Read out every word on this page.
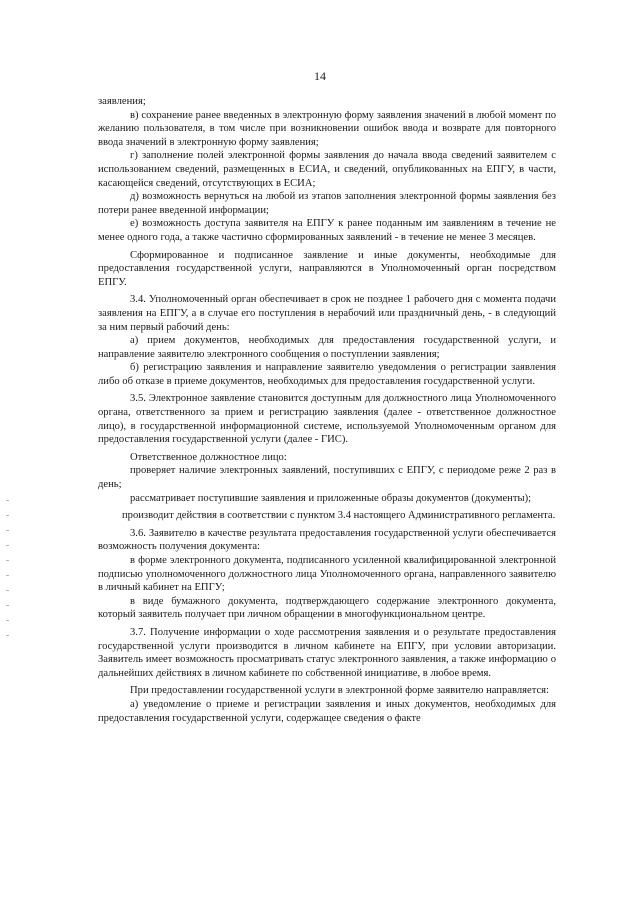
14

заявления;

в) сохранение ранее введенных в электронную форму заявления значений в любой момент по желанию пользователя, в том числе при возникновении ошибок ввода и возврате для повторного ввода значений в электронную форму заявления;

г) заполнение полей электронной формы заявления до начала ввода сведений заявителем с использованием сведений, размещенных в ЕСИА, и сведений, опубликованных на ЕПГУ, в части, касающейся сведений, отсутствующих в ЕСИА;

д) возможность вернуться на любой из этапов заполнения электронной формы заявления без потери ранее введенной информации;

е) возможность доступа заявителя на ЕПГУ к ранее поданным им заявлениям в течение не менее одного года, а также частично сформированных заявлений - в течение не менее 3 месяцев.

Сформированное и подписанное заявление и иные документы, необходимые для предоставления государственной услуги, направляются в Уполномоченный орган посредством ЕПГУ.

3.4. Уполномоченный орган обеспечивает в срок не позднее 1 рабочего дня с момента подачи заявления на ЕПГУ, а в случае его поступления в нерабочий или праздничный день, - в следующий за ним первый рабочий день:

а) прием документов, необходимых для предоставления государственной услуги, и направление заявителю электронного сообщения о поступлении заявления;

б) регистрацию заявления и направление заявителю уведомления о регистрации заявления либо об отказе в приеме документов, необходимых для предоставления государственной услуги.

3.5. Электронное заявление становится доступным для должностного лица Уполномоченного органа, ответственного за прием и регистрацию заявления (далее - ответственное должностное лицо), в государственной информационной системе, используемой Уполномоченным органом для предоставления государственной услуги (далее - ГИС).

Ответственное должностное лицо:

проверяет наличие электронных заявлений, поступивших с ЕПГУ, с периодоме реже 2 раз в день;

рассматривает поступившие заявления и приложенные образы документов (документы);

производит действия в соответствии с пунктом 3.4 настоящего Административного регламента.

3.6. Заявителю в качестве результата предоставления государственной услуги обеспечивается возможность получения документа:

в форме электронного документа, подписанного усиленной квалифицированной электронной подписью уполномоченного должностного лица Уполномоченного органа, направленного заявителю в личный кабинет на ЕПГУ;

в виде бумажного документа, подтверждающего содержание электронного документа, который заявитель получает при личном обращении в многофункциональном центре.

3.7. Получение информации о ходе рассмотрения заявления и о результате предоставления государственной услуги производится в личном кабинете на ЕПГУ, при условии авторизации. Заявитель имеет возможность просматривать статус электронного заявления, а также информацию о дальнейших действиях в личном кабинете по собственной инициативе, в любое время.

При предоставлении государственной услуги в электронной форме заявителю направляется:

а) уведомление о приеме и регистрации заявления и иных документов, необходимых для предоставления государственной услуги, содержащее сведения о факте
